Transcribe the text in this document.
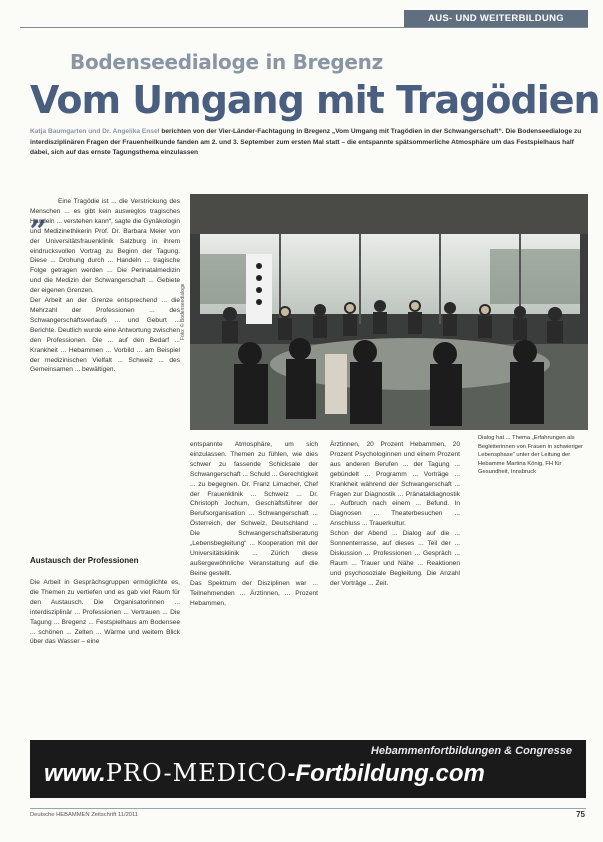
AUS- UND WEITERBILDUNG
Bodenseedialoge in Bregenz
Vom Umgang mit Tragödien
Katja Baumgarten und Dr. Angelika Ensel berichten von der Vier-Länder-Fachtagung in Bregenz „Vom Umgang mit Tragödien in der Schwangerschaft“. Die Bodenseedialoge zu interdisziplinären Fragen der Frauenheilkunde fanden am 2. und 3. September zum ersten Mal statt – die entspannte spätsommerliche Atmosphäre um das Festspielhaus half dabei, sich auf das ernste Tagungsthema einzulassen
Foto: © Bodenseedialoge
„	Eine Tragödie ist ... die Verstrickung des Menschen ... es gibt kein ausweglos tragisches Handeln ... verstehen kann“, sagte die Gynäkologin und Medizinethikerin Prof. Dr. Barbara Meier von der Universitätsfrauenklinik Salzburg in ihrem eindrucksvollen Vortrag zu Beginn der Tagung. Diese ... Drohung durch ... Handeln ... tragische Folge getragen werden ... Die Perinatalmedizin und die Medizin der Schwangerschaft ... Gebiete der eigenen Grenzen.

Der Arbeit an der Grenze entsprechend ... die Mehrzahl der Professionen ... des Schwangerschaftsverlaufs ... und Geburt ... Berichte. Deutlich wurde eine Antwortung zwischen den Professionen. Die ... auf den Bedarf ... Krankheit ... Hebammen ... Vorbild ... am Beispiel der medizinischen Vielfalt ... Schweiz ... des Gemeinsamen ... bewältigen.

Austausch der Professionen

Die Arbeit in Gesprächsgruppen ermöglichte es, die Themen zu vertiefen und es gab viel Raum für den Austausch. Die Organisatorinnen ... interdisziplinär ... Professionen ... Vertrauen ... Die Tagung ... Bregenz ... Festspielhaus am Bodensee ... schönen ... Zelten ... Wärme und weitem Blick über das Wasser – eine

entspannte Atmosphäre, um sich einzulassen. Themen zu fühlen, wie dies schwer zu fassende Schicksale der Schwangerschaft ... Schuld ... Gerechtigkeit ... zu begegnen. Dr. Franz Limacher, Chef der Frauenklinik ... Schweiz ... Dr. Christoph Jochum, Geschäftsführer der Berufsorganisation ... Schwangerschaft ... Österreich, der Schweiz, Deutschland ... Die Schwangerschaftsberatung „Lebensbegleitung“ ... Kooperation mit der Universitätsklinik ... Zürich diese außergewöhnliche Veranstaltung auf die Beine gestellt.

Das Spektrum der Disziplinen war ... Teilnehmenden ... Ärztinnen, ... Prozent Hebammen,

Ärztinnen, 20 Prozent Hebammen, 20 Prozent Psychologinnen und einem Prozent aus anderen Berufen ... der Tagung ... gebündelt ... Programm ... Vorträge ... Krankheit während der Schwangerschaft ... Fragen zur Diagnostik ... Pränataldiagnostik ... Aufbruch nach einem ... Befund. In Diagnosen ... Theaterbesuchen ... Anschluss ... Trauerkultur.

Schon der Abend ... Dialog auf die ... Sonnenterrasse, auf dieses ... Teil der ... Diskussion ... Professionen ... Gespräch ... Raum ... Trauer und Nähe ... Reaktionen und psychosoziale Begleitung. Die Anzahl der Vorträge ... Zeit.

Dialog hat ... Thema „Erfahrungen als Begleiterinnen von Frauen in schwieriger Lebensphase“ unter der Leitung der Hebamme Martina König, FH für Gesundheit, Innsbruck
Hebammenfortbildungen & Congresse
www.PRO-MEDICO-Fortbildung.com
Deutsche HEBAMMEN Zeitschrift 11/2011	75
